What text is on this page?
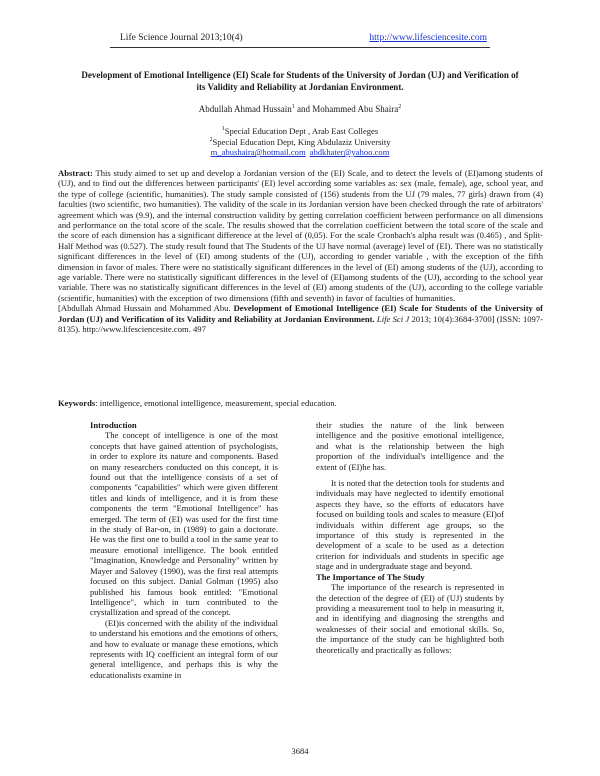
Life Science Journal 2013;10(4)	http://www.lifesciencesite.com
Development of Emotional Intelligence (EI) Scale for Students of the University of Jordan (UJ) and Verification of its Validity and Reliability at Jordanian Environment.
Abdullah Ahmad Hussain$^1$ and Mohammed Abu Shaira$^2$
$^1$Special Education Dept , Arab East Colleges
$^2$Special Education Dept, King Abdulaziz University
m_abushaira@hotmail.com abdkhater@yahoo.com

Abstract: This study aimed to set up and develop a Jordanian version of the (EI) Scale, and to detect the levels of (EI)among students of (UJ), and to find out the differences between participants' (EI) level according some variables as: sex (male, female), age, school year, and the type of college (scientific, humanities). The study sample consisted of (156) students from the UJ (79 males, 77 girls) drawn from (4) faculties (two scientific, two humanities). The validity of the scale in its Jordanian version have been checked through the rate of arbitrators' agreement which was (9.9), and the internal construction validity by getting correlation coefficient between performance on all dimensions and performance on the total score of the scale. The results showed that the correlation coefficient between the total score of the scale and the score of each dimension has a significant difference at the level of (0,05). For the scale Cronbach's alpha result was (0.465) , and Split-Half Method was (0.527). The study result found that The Students of the UJ have normal (average) level of (EI). There was no statistically significant differences in the level of (EI) among students of the (UJ), according to gender variable , with the exception of the fifth dimension in favor of males. There were no statistically significant differences in the level of (EI) among students of the (UJ), according to age variable. There were no statistically significant differences in the level of (EI)among students of the (UJ), according to the school year variable. There was no statistically significant differences in the level of (EI) among students of the (UJ), according to the college variable (scientific, humanities) with the exception of two dimensions (fifth and seventh) in favor of faculties of humanities.
[Abdullah Ahmad Hussain and Mohammed Abu. Development of Emotional Intelligence (EI) Scale for Students of the University of Jordan (UJ) and Verification of its Validity and Reliability at Jordanian Environment. Life Sci J 2013; 10(4):3684-3700] (ISSN: 1097-8135). http://www.lifesciencesite.com. 497

Keywords: intelligence, emotional intelligence, measurement, special education.

Introduction

The concept of intelligence is one of the most concepts that have gained attention of psychologists, in order to explore its nature and components. Based on many researchers conducted on this concept, it is found out that the intelligence consists of a set of components "capabilities" which were given different titles and kinds of intelligence, and it is from these components the term "Emotional Intelligence" has emerged. The term of (EI) was used for the first time in the study of Bar-on, in (1989) to gain a doctorate. He was the first one to build a tool in the same year to measure emotional intelligence. The book entitled "Imagination, Knowledge and Personality" written by Mayer and Salovey (1990), was the first real attempts focused on this subject. Danial Golman (1995) also published his famous book entitled: "Emotional Intelligence", which in turn contributed to the crystallization and spread of the concept.

(EI)is concerned with the ability of the individual to understand his emotions and the emotions of others, and how to evaluate or manage these emotions, which represents with IQ coefficient an integral form of our general intelligence, and perhaps this is why the educationalists examine in

their studies the nature of the link between intelligence and the positive emotional intelligence, and what is the relationship between the high proportion of the individual's intelligence and the extent of (EI)he has.

It is noted that the detection tools for students and individuals may have neglected to identify emotional aspects they have, so the efforts of educators have focused on building tools and scales to measure (EI)of individuals within different age groups, so the importance of this study is represented in the development of a scale to be used as a detection criterion for individuals and students in specific age stage and in undergraduate stage and beyond.

The Importance of The Study

The importance of the research is represented in the detection of the degree of (EI) of (UJ) students by providing a measurement tool to help in measuring it, and in identifying and diagnosing the strengths and weaknesses of their social and emotional skills. So, the importance of the study can be highlighted both theoretically and practically as follows:

3684
